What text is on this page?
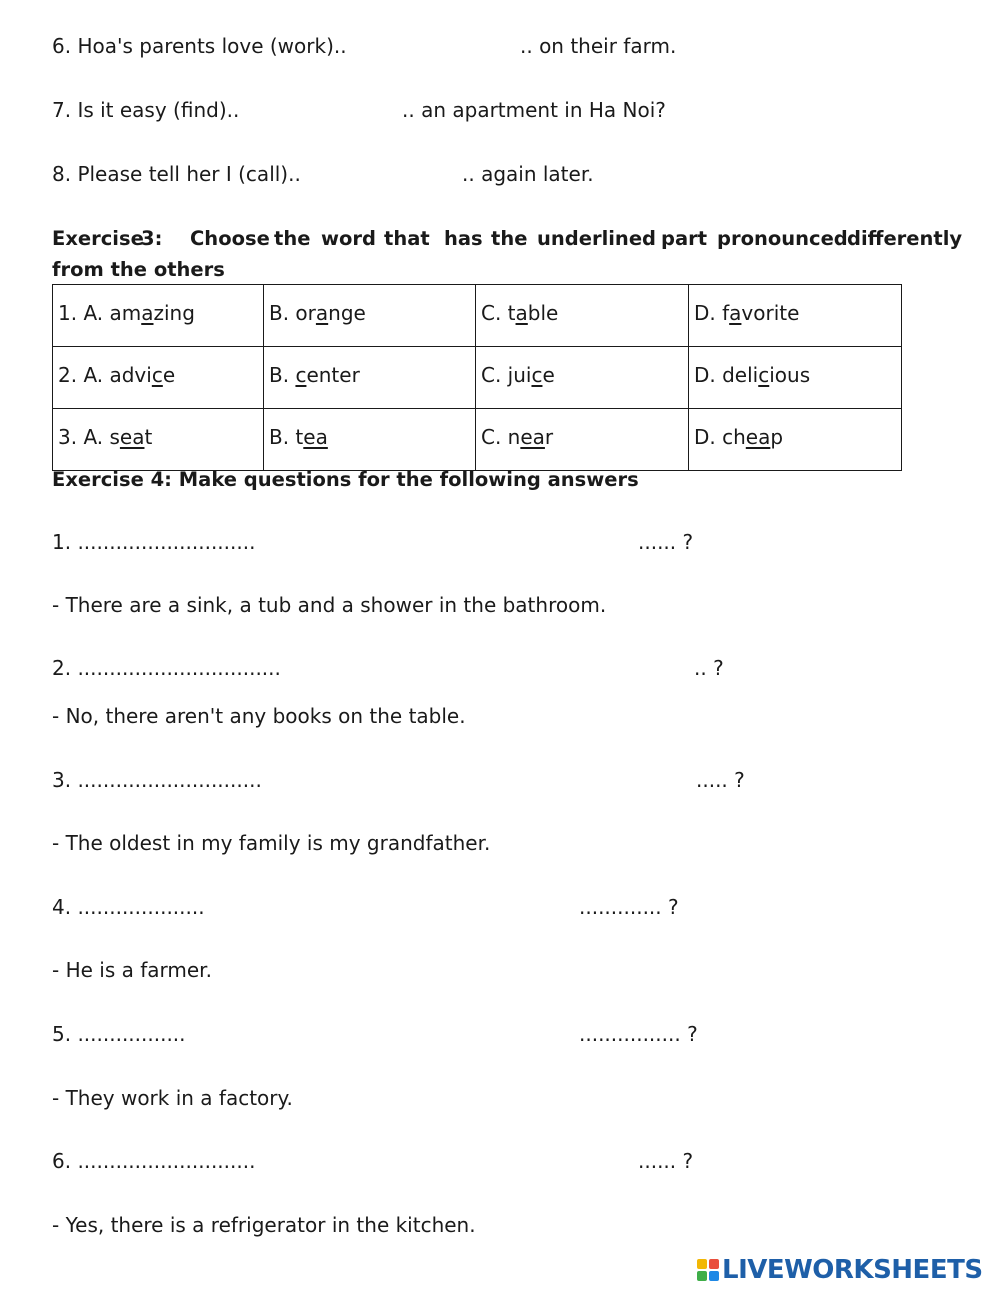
6. Hoa's parents love (work)..	.. on their farm.
7. Is it easy (find)..	.. an apartment in Ha Noi?
8. Please tell her I (call)..	.. again later.
Exercise
3: Choose the word that has the underlined part pronounced differently
from the others
1. A. amazing	B. orange	C. table	D. favorite
2. A. advice	B. center	C. juice	D. delicious
3. A. seat	B. tea	C. near	D. cheap
Exercise 4: Make questions for the following answers
1. ............................	...... ?
- There are a sink, a tub and a shower in the bathroom.
2. ................................	.. ?
- No, there aren't any books on the table.
3. .............................	..... ?
- The oldest in my family is my grandfather.
4. ....................	............. ?
- He is a farmer.
5. .................	................ ?
- They work in a factory.
6. ............................	...... ?
- Yes, there is a refrigerator in the kitchen.
LIVEWORKSHEETS
